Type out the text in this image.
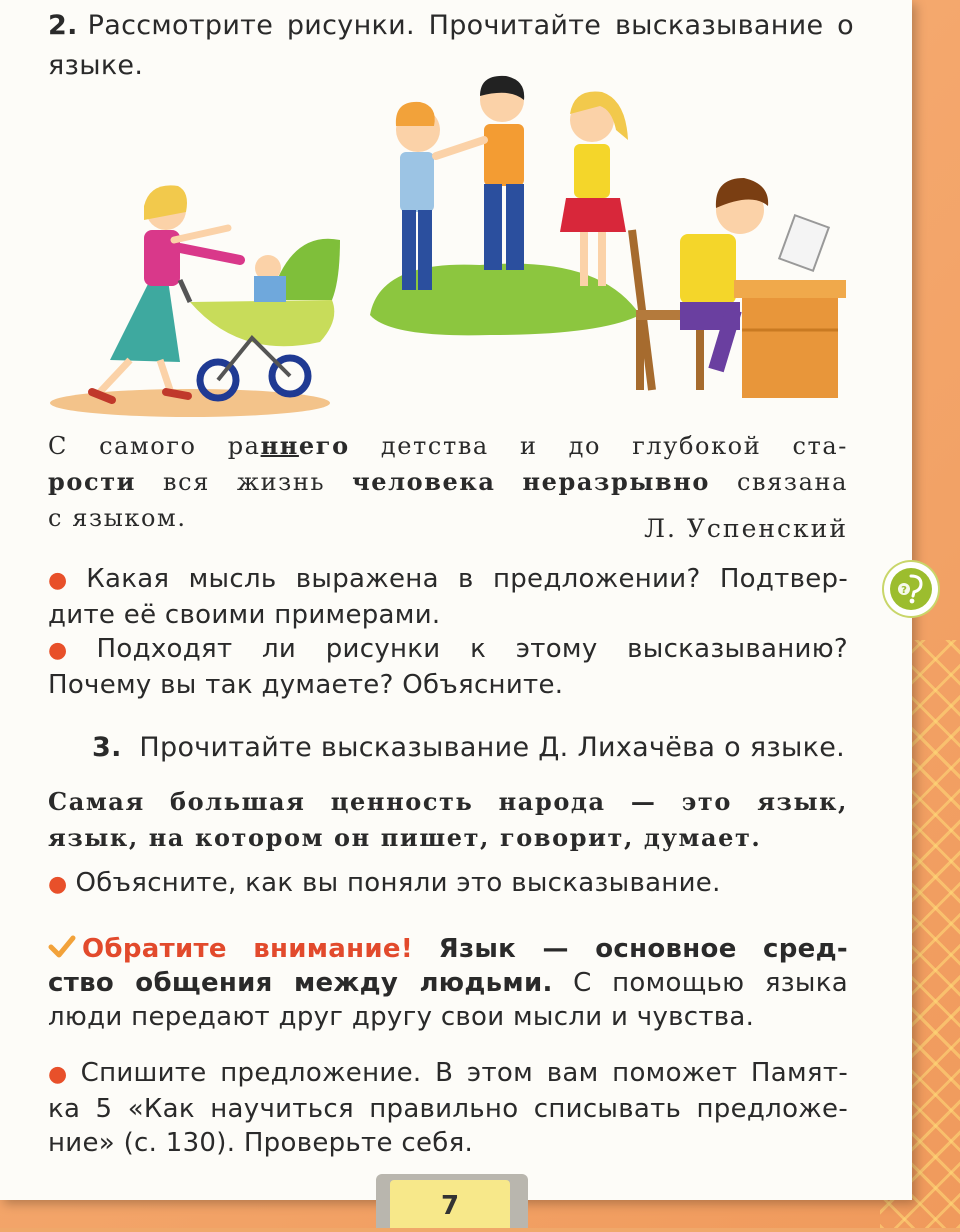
2. Рассмотрите рисунки. Прочитайте высказывание о языке.
С самого раннего детства и до глубокой ста-
рости вся жизнь человека неразрывно связана
с языком.	Л. Успенский
● Какая мысль выражена в предложении? Подтвер-
дите её своими примерами.
● Подходят ли рисунки к этому высказыванию?
Почему вы так думаете? Объясните.
3. Прочитайте высказывание Д. Лихачёва о языке.
Самая большая ценность народа — это язык,
язык, на котором он пишет, говорит, думает.
● Объясните, как вы поняли это высказывание.
Обратите внимание! Язык — основное сред-
ство общения между людьми. С помощью языка
люди передают друг другу свои мысли и чувства.
● Спишите предложение. В этом вам поможет Памят-
ка 5 «Как научиться правильно списывать предложе-
ние» (с. 130). Проверьте себя.
7
?
